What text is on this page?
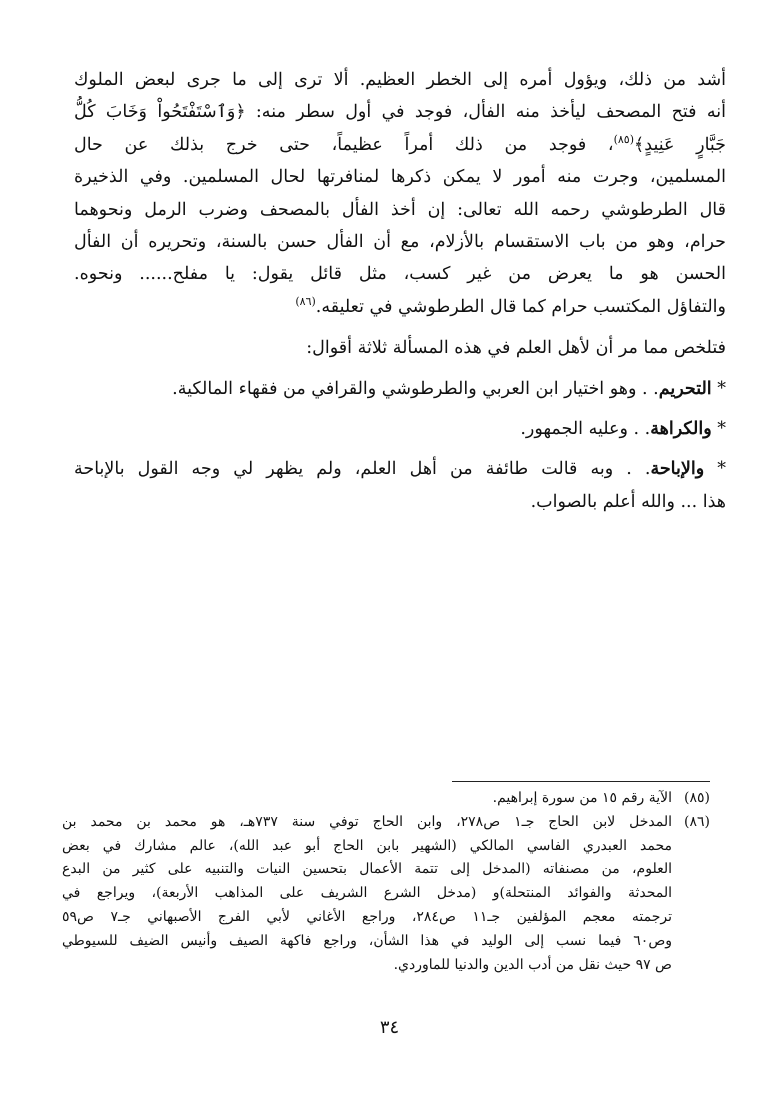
أشد من ذلك، ويؤول أمره إلى الخطر العظيم. ألا ترى إلى ما جرى لبعض الملوك
أنه فتح المصحف ليأخذ منه الفأل، فوجد في أول سطر منه: ﴿وَٱسْتَفْتَحُواْ وَخَابَ كُلُّ
جَبَّارٍ عَنِيدٍ﴾$^{(٨٥)}$، فوجد من ذلك أمراً عظيماً، حتى خرج بذلك عن حال
المسلمين، وجرت منه أمور لا يمكن ذكرها لمنافرتها لحال المسلمين. وفي الذخيرة
قال الطرطوشي رحمه الله تعالى: إن أخذ الفأل بالمصحف وضرب الرمل ونحوهما
حرام، وهو من باب الاستقسام بالأزلام، مع أن الفأل حسن بالسنة، وتحريره أن الفأل
الحسن هو ما يعرض من غير كسب، مثل قائل يقول: يا مفلح...... ونحوه.
والتفاؤل المكتسب حرام كما قال الطرطوشي في تعليقه.$^{(٨٦)}$

فتلخص مما مر أن لأهل العلم في هذه المسألة ثلاثة أقوال:

* التحريم. . وهو اختيار ابن العربي والطرطوشي والقرافي من فقهاء المالكية.

* والكراهة. . وعليه الجمهور.

* والإباحة. . وبه قالت طائفة من أهل العلم، ولم يظهر لي وجه القول بالإباحة
هذا ... والله أعلم بالصواب.

(٨٥)
الآية رقم ١٥ من سورة إبراهيم.
(٨٦)
المدخل لابن الحاج جـ١ ص٢٧٨، وابن الحاج توفي سنة ٧٣٧هـ، هو محمد بن محمد بن
محمد العبدري الفاسي المالكي (الشهير بابن الحاج أبو عبد الله)، عالم مشارك في بعض
العلوم، من مصنفاته (المدخل إلى تتمة الأعمال بتحسين النيات والتنبيه على كثير من البدع
المحدثة والفوائد المنتحلة)و (مدخل الشرع الشريف على المذاهب الأربعة)، ويراجع في
ترجمته معجم المؤلفين جـ١١ ص٢٨٤، وراجع الأغاني لأبي الفرج الأصبهاني جـ٧ ص٥٩
وص٦٠ فيما نسب إلى الوليد في هذا الشأن، وراجع فاكهة الصيف وأنيس الضيف للسيوطي
ص ٩٧ حيث نقل من أدب الدين والدنيا للماوردي.
٣٤
